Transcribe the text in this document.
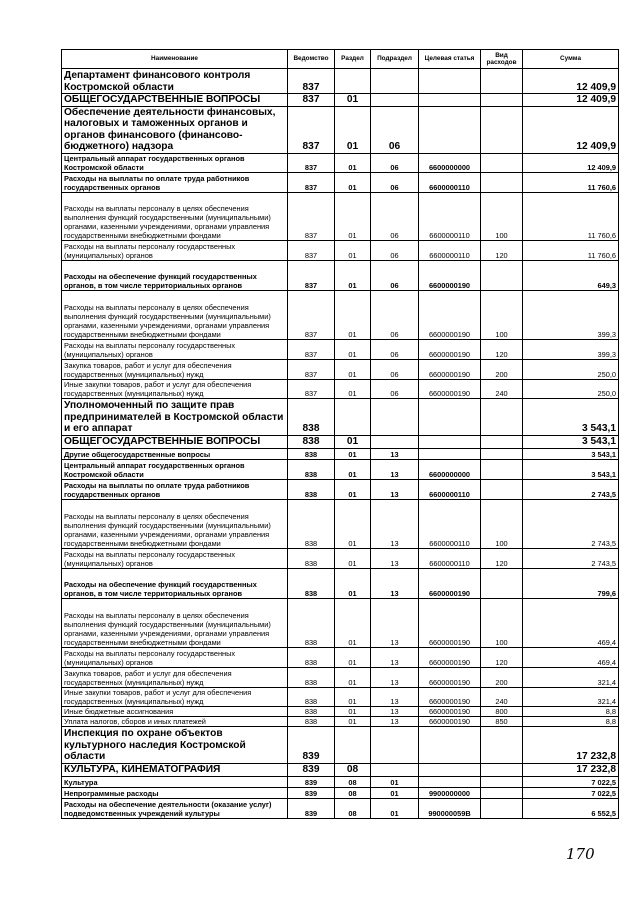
Наименование	Ведомство	Раздел	Подраздел	Целевая статья	Вид расходов	Сумма
Департамент финансового контроля Костромской области	837					12 409,9
ОБЩЕГОСУДАРСТВЕННЫЕ ВОПРОСЫ	837	01				12 409,9
Обеспечение деятельности финансовых, налоговых и таможенных органов и органов финансового (финансово-бюджетного) надзора	837	01	06			12 409,9
Центральный аппарат государственных органов Костромской области	837	01	06	6600000000		12 409,9
Расходы на выплаты по оплате труда работников государственных органов	837	01	06	6600000110		11 760,6
Расходы на выплаты персоналу в целях обеспечения выполнения функций государственными (муниципальными) органами, казенными учреждениями, органами управления государственными внебюджетными фондами	837	01	06	6600000110	100	11 760,6
Расходы на выплаты персоналу государственных (муниципальных) органов	837	01	06	6600000110	120	11 760,6
Расходы на обеспечение функций государственных органов, в том числе территориальных органов	837	01	06	6600000190		649,3
Расходы на выплаты персоналу в целях обеспечения выполнения функций государственными (муниципальными) органами, казенными учреждениями, органами управления государственными внебюджетными фондами	837	01	06	6600000190	100	399,3
Расходы на выплаты персоналу государственных (муниципальных) органов	837	01	06	6600000190	120	399,3
Закупка товаров, работ и услуг для обеспечения государственных (муниципальных) нужд	837	01	06	6600000190	200	250,0
Иные закупки товаров, работ и услуг для обеспечения государственных (муниципальных) нужд	837	01	06	6600000190	240	250,0
Уполномоченный по защите прав предпринимателей в Костромской области и его аппарат	838					3 543,1
ОБЩЕГОСУДАРСТВЕННЫЕ ВОПРОСЫ	838	01				3 543,1
Другие общегосударственные вопросы	838	01	13			3 543,1
Центральный аппарат государственных органов Костромской области	838	01	13	6600000000		3 543,1
Расходы на выплаты по оплате труда работников государственных органов	838	01	13	6600000110		2 743,5
Расходы на выплаты персоналу в целях обеспечения выполнения функций государственными (муниципальными) органами, казенными учреждениями, органами управления государственными внебюджетными фондами	838	01	13	6600000110	100	2 743,5
Расходы на выплаты персоналу государственных (муниципальных) органов	838	01	13	6600000110	120	2 743,5
Расходы на обеспечение функций государственных органов, в том числе территориальных органов	838	01	13	6600000190		799,6
Расходы на выплаты персоналу в целях обеспечения выполнения функций государственными (муниципальными) органами, казенными учреждениями, органами управления государственными внебюджетными фондами	838	01	13	6600000190	100	469,4
Расходы на выплаты персоналу государственных (муниципальных) органов	838	01	13	6600000190	120	469,4
Закупка товаров, работ и услуг для обеспечения государственных (муниципальных) нужд	838	01	13	6600000190	200	321,4
Иные закупки товаров, работ и услуг для обеспечения государственных (муниципальных) нужд	838	01	13	6600000190	240	321,4
Иные бюджетные ассигнования	838	01	13	6600000190	800	8,8
Уплата налогов, сборов и иных платежей	838	01	13	6600000190	850	8,8
Инспекция по охране объектов культурного наследия Костромской области	839					17 232,8
КУЛЬТУРА, КИНЕМАТОГРАФИЯ	839	08				17 232,8
Культура	839	08	01			7 022,5
Непрограммные расходы	839	08	01	9900000000		7 022,5
Расходы на обеспечение деятельности (оказание услуг) подведомственных учреждений культуры	839	08	01	990000059В		6 552,5
170
